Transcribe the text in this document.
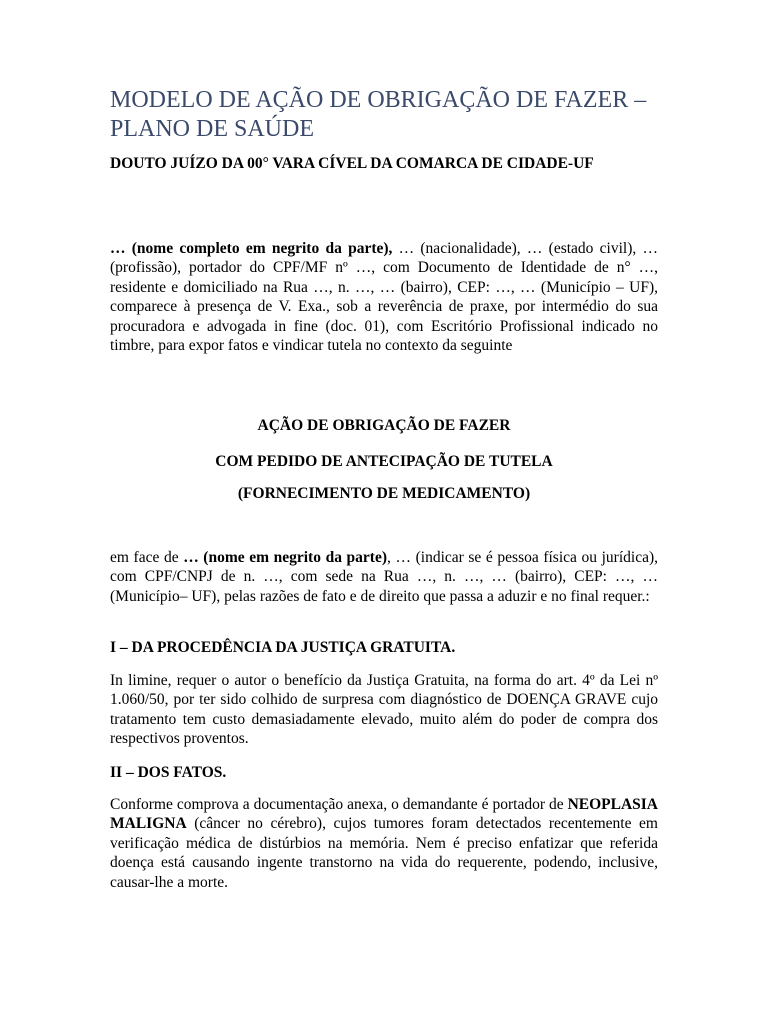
MODELO DE AÇÃO DE OBRIGAÇÃO DE FAZER – PLANO DE SAÚDE

DOUTO JUÍZO DA 00° VARA CÍVEL DA COMARCA DE CIDADE-UF

… (nome completo em negrito da parte), … (nacionalidade), … (estado civil), … (profissão), portador do CPF/MF nº …, com Documento de Identidade de n° …, residente e domiciliado na Rua …, n. …, … (bairro), CEP: …, … (Município – UF), comparece à presença de V. Exa., sob a reverência de praxe, por intermédio do sua procuradora e advogada in fine (doc. 01), com Escritório Profissional indicado no timbre, para expor fatos e vindicar tutela no contexto da seguinte

AÇÃO DE OBRIGAÇÃO DE FAZER

COM PEDIDO DE ANTECIPAÇÃO DE TUTELA

(FORNECIMENTO DE MEDICAMENTO)

em face de … (nome em negrito da parte), … (indicar se é pessoa física ou jurídica), com CPF/CNPJ de n. …, com sede na Rua …, n. …, … (bairro), CEP: …, … (Município– UF), pelas razões de fato e de direito que passa a aduzir e no final requer.:

I – DA PROCEDÊNCIA DA JUSTIÇA GRATUITA.

In limine, requer o autor o benefício da Justiça Gratuita, na forma do art. 4º da Lei nº 1.060/50, por ter sido colhido de surpresa com diagnóstico de DOENÇA GRAVE cujo tratamento tem custo demasiadamente elevado, muito além do poder de compra dos respectivos proventos.

II – DOS FATOS.

Conforme comprova a documentação anexa, o demandante é portador de NEOPLASIA MALIGNA (câncer no cérebro), cujos tumores foram detectados recentemente em verificação médica de distúrbios na memória. Nem é preciso enfatizar que referida doença está causando ingente transtorno na vida do requerente, podendo, inclusive, causar-lhe a morte.
